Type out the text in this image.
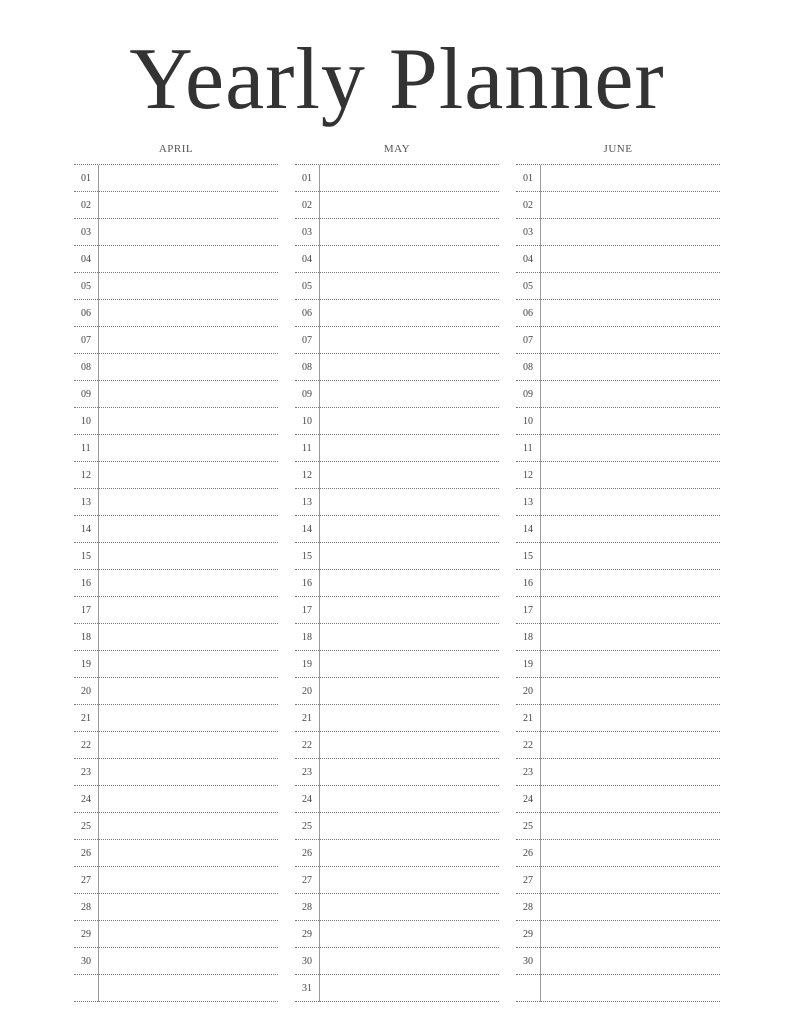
Yearly Planner
APRIL
01
02
03
04
05
06
07
08
09
10
11
12
13
14
15
16
17
18
19
20
21
22
23
24
25
26
27
28
29
30
MAY
01
02
03
04
05
06
07
08
09
10
11
12
13
14
15
16
17
18
19
20
21
22
23
24
25
26
27
28
29
30
31
JUNE
01
02
03
04
05
06
07
08
09
10
11
12
13
14
15
16
17
18
19
20
21
22
23
24
25
26
27
28
29
30
